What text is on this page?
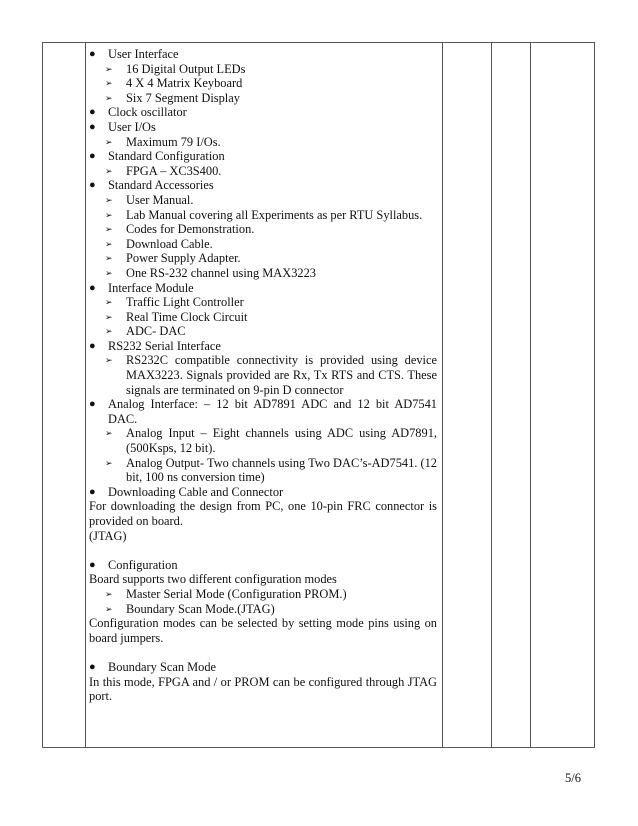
● User Interface
➢ 16 Digital Output LEDs
➢ 4 X 4 Matrix Keyboard
➢ Six 7 Segment Display
● Clock oscillator
● User I/Os
➢ Maximum 79 I/Os.
● Standard Configuration
➢ FPGA – XC3S400.
● Standard Accessories
➢ User Manual.
➢ Lab Manual covering all Experiments as per RTU Syllabus.
➢ Codes for Demonstration.
➢ Download Cable.
➢ Power Supply Adapter.
➢ One RS-232 channel using MAX3223
● Interface Module
➢ Traffic Light Controller
➢ Real Time Clock Circuit
➢ ADC- DAC
● RS232 Serial Interface
➢ RS232C compatible connectivity is provided using device MAX3223. Signals provided are Rx, Tx RTS and CTS. These signals are terminated on 9-pin D connector
● Analog Interface: – 12 bit AD7891 ADC and 12 bit AD7541 DAC.
➢ Analog Input – Eight channels using ADC using AD7891, (500Ksps, 12 bit).
➢ Analog Output- Two channels using Two DAC’s-AD7541. (12 bit, 100 ns conversion time)
● Downloading Cable and Connector
For downloading the design from PC, one 10-pin FRC connector is provided on board.
(JTAG)
● Configuration
Board supports two different configuration modes
➢ Master Serial Mode (Configuration PROM.)
➢ Boundary Scan Mode.(JTAG)
Configuration modes can be selected by setting mode pins using on board jumpers.
● Boundary Scan Mode
In this mode, FPGA and / or PROM can be configured through JTAG port.
5/6
